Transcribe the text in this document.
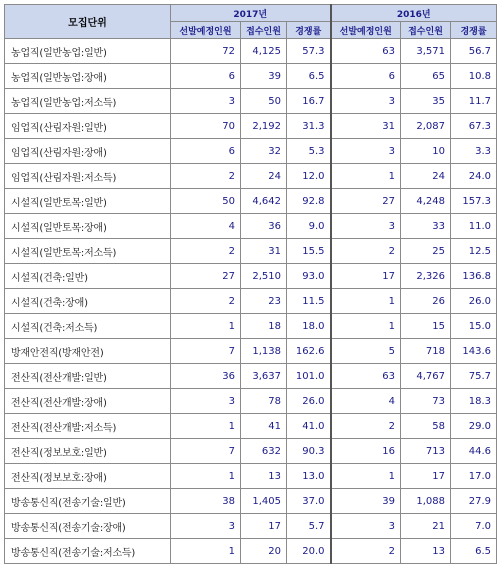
모집단위	2017년			2016년		
	선발예정인원	접수인원	경쟁률	선발예정인원	접수인원	경쟁률
농업직(일반농업:일반)	72	4,125	57.3	63	3,571	56.7
농업직(일반농업:장애)	6	39	6.5	6	65	10.8
농업직(일반농업:저소득)	3	50	16.7	3	35	11.7
임업직(산림자원:일반)	70	2,192	31.3	31	2,087	67.3
임업직(산림자원:장애)	6	32	5.3	3	10	3.3
임업직(산림자원:저소득)	2	24	12.0	1	24	24.0
시설직(일반토목:일반)	50	4,642	92.8	27	4,248	157.3
시설직(일반토목:장애)	4	36	9.0	3	33	11.0
시설직(일반토목:저소득)	2	31	15.5	2	25	12.5
시설직(건축:일반)	27	2,510	93.0	17	2,326	136.8
시설직(건축:장애)	2	23	11.5	1	26	26.0
시설직(건축:저소득)	1	18	18.0	1	15	15.0
방재안전직(방재안전)	7	1,138	162.6	5	718	143.6
전산직(전산개발:일반)	36	3,637	101.0	63	4,767	75.7
전산직(전산개발:장애)	3	78	26.0	4	73	18.3
전산직(전산개발:저소득)	1	41	41.0	2	58	29.0
전산직(정보보호:일반)	7	632	90.3	16	713	44.6
전산직(정보보호:장애)	1	13	13.0	1	17	17.0
방송통신직(전송기술:일반)	38	1,405	37.0	39	1,088	27.9
방송통신직(전송기술:장애)	3	17	5.7	3	21	7.0
방송통신직(전송기술:저소득)	1	20	20.0	2	13	6.5
